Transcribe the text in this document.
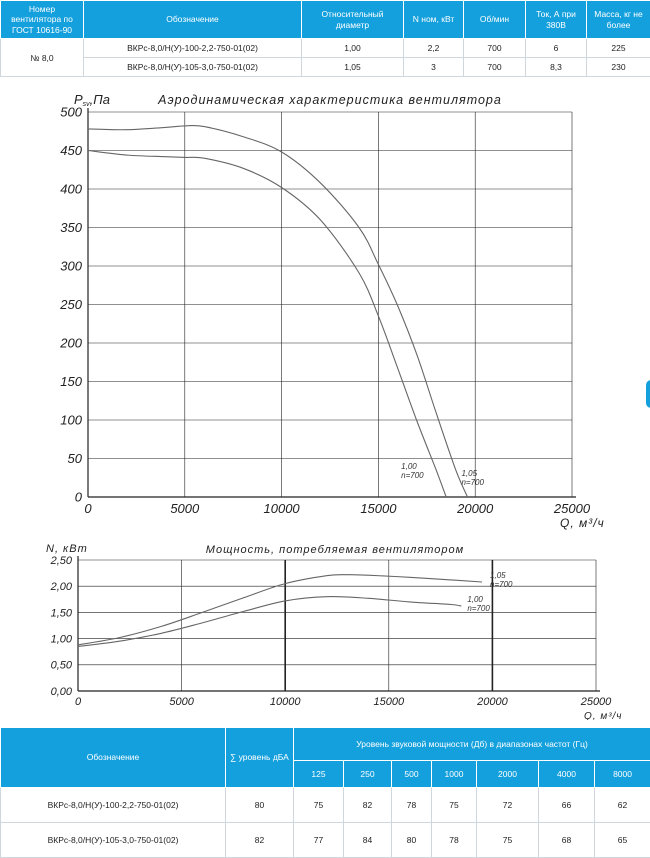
Номер вентилятора по ГОСТ 10616-90	Обозначение	Относительный диаметр	N ном, кВт	Об/мин	Ток, А при 380В	Масса, кг не более
№ 8,0	ВКРс-8,0/Н(У)-100-2,2-750-01(02)	1,00	2,2	700	6	225
	ВКРс-8,0/Н(У)-105-3,0-750-01(02)	1,05	3	700	8,3	230
0
50
100
150
200
250
300
350
400
450
500
0	5000	10000	15000	20000	25000
Аэродинамическая характеристика вентилятора
Q, м³/ч
Psv,Па
1,00
n=700	1,05
n=700
0,00
0,50
1,00
1,50
2,00
2,50
0	5000	10000	15000	20000	25000
Мощность, потребляемая вентилятором
Q, м³/ч
N, кВт
1,00
n=700
1,05
n=700
Обозначение	∑ уровень дБА	Уровень звуковой мощности (Дб) в диапазонах частот (Гц)						
		125	250	500	1000	2000	4000	8000
ВКРс-8,0/Н(У)-100-2,2-750-01(02)	80	75	82	78	75	72	66	62
ВКРс-8,0/Н(У)-105-3,0-750-01(02)	82	77	84	80	78	75	68	65
